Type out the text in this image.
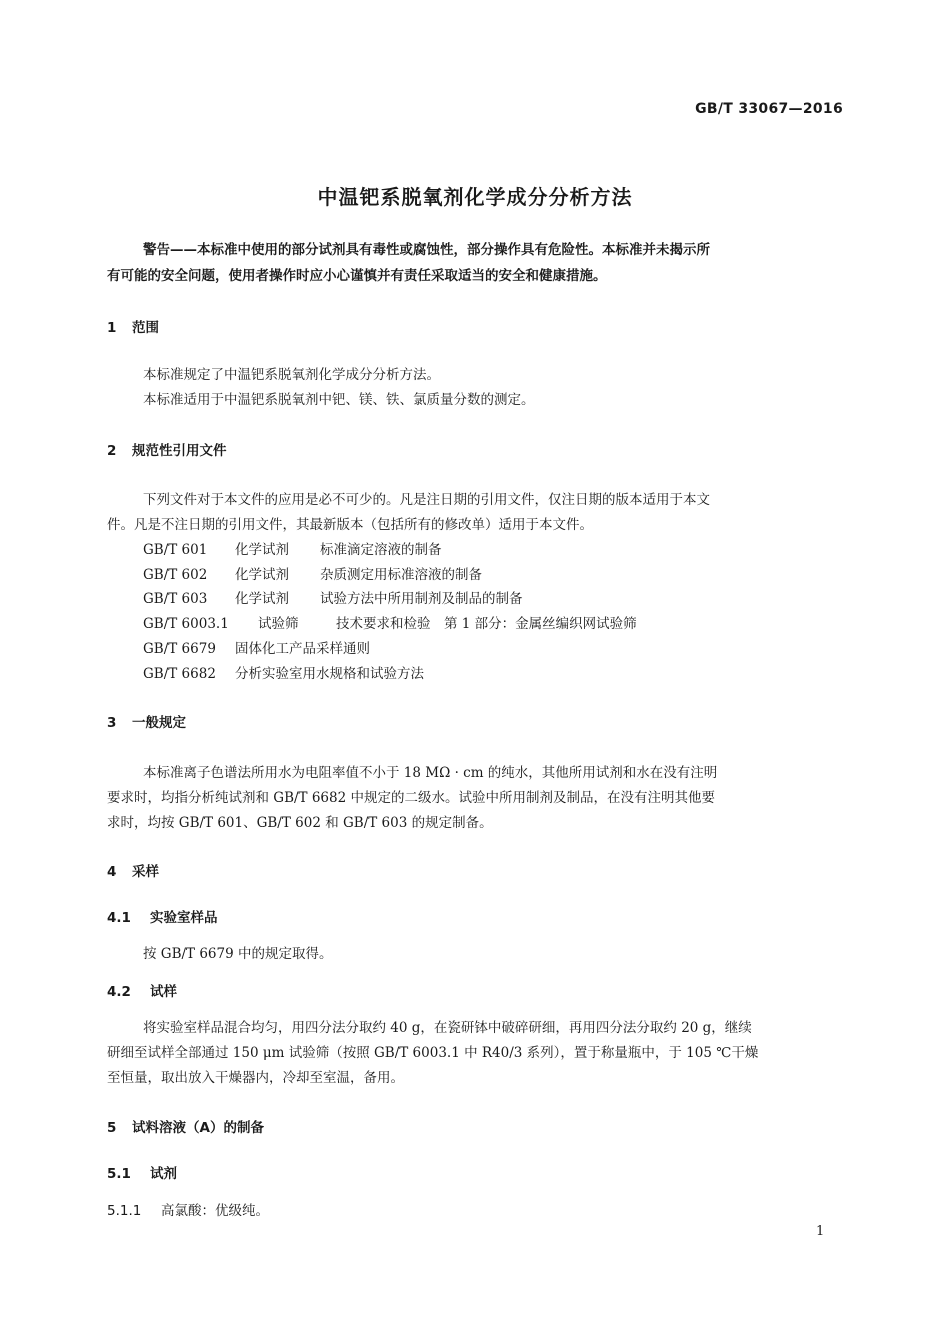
GB/T 33067—2016
中温钯系脱氧剂化学成分分析方法
警告——本标准中使用的部分试剂具有毒性或腐蚀性，部分操作具有危险性。本标准并未揭示所
有可能的安全问题，使用者操作时应小心谨慎并有责任采取适当的安全和健康措施。
1 范围
本标准规定了中温钯系脱氧剂化学成分分析方法。
本标准适用于中温钯系脱氧剂中钯、镁、铁、氯质量分数的测定。
2 规范性引用文件
下列文件对于本文件的应用是必不可少的。凡是注日期的引用文件，仅注日期的版本适用于本文
件。凡是不注日期的引用文件，其最新版本（包括所有的修改单）适用于本文件。
GB/T 601 化学试剂 标准滴定溶液的制备
GB/T 602 化学试剂 杂质测定用标准溶液的制备
GB/T 603 化学试剂 试验方法中所用制剂及制品的制备
GB/T 6003.1 试验筛	技术要求和检验　第 1 部分：金属丝编织网试验筛
GB/T 6679 固体化工产品采样通则
GB/T 6682 分析实验室用水规格和试验方法
3 一般规定
本标准离子色谱法所用水为电阻率值不小于 18 MΩ · cm 的纯水，其他所用试剂和水在没有注明
要求时，均指分析纯试剂和 GB/T 6682 中规定的二级水。试验中所用制剂及制品，在没有注明其他要
求时，均按 GB/T 601、GB/T 602 和 GB/T 603 的规定制备。
4 采样
4.1 实验室样品
按 GB/T 6679 中的规定取得。
4.2 试样
将实验室样品混合均匀，用四分法分取约 40 g，在瓷研钵中破碎研细，再用四分法分取约 20 g，继续
研细至试样全部通过 150 μm 试验筛（按照 GB/T 6003.1 中 R40/3 系列），置于称量瓶中，于 105 ℃干燥
至恒量，取出放入干燥器内，冷却至室温，备用。
5 试料溶液（A）的制备
5.1 试剂
5.1.1 高氯酸：优级纯。
1
